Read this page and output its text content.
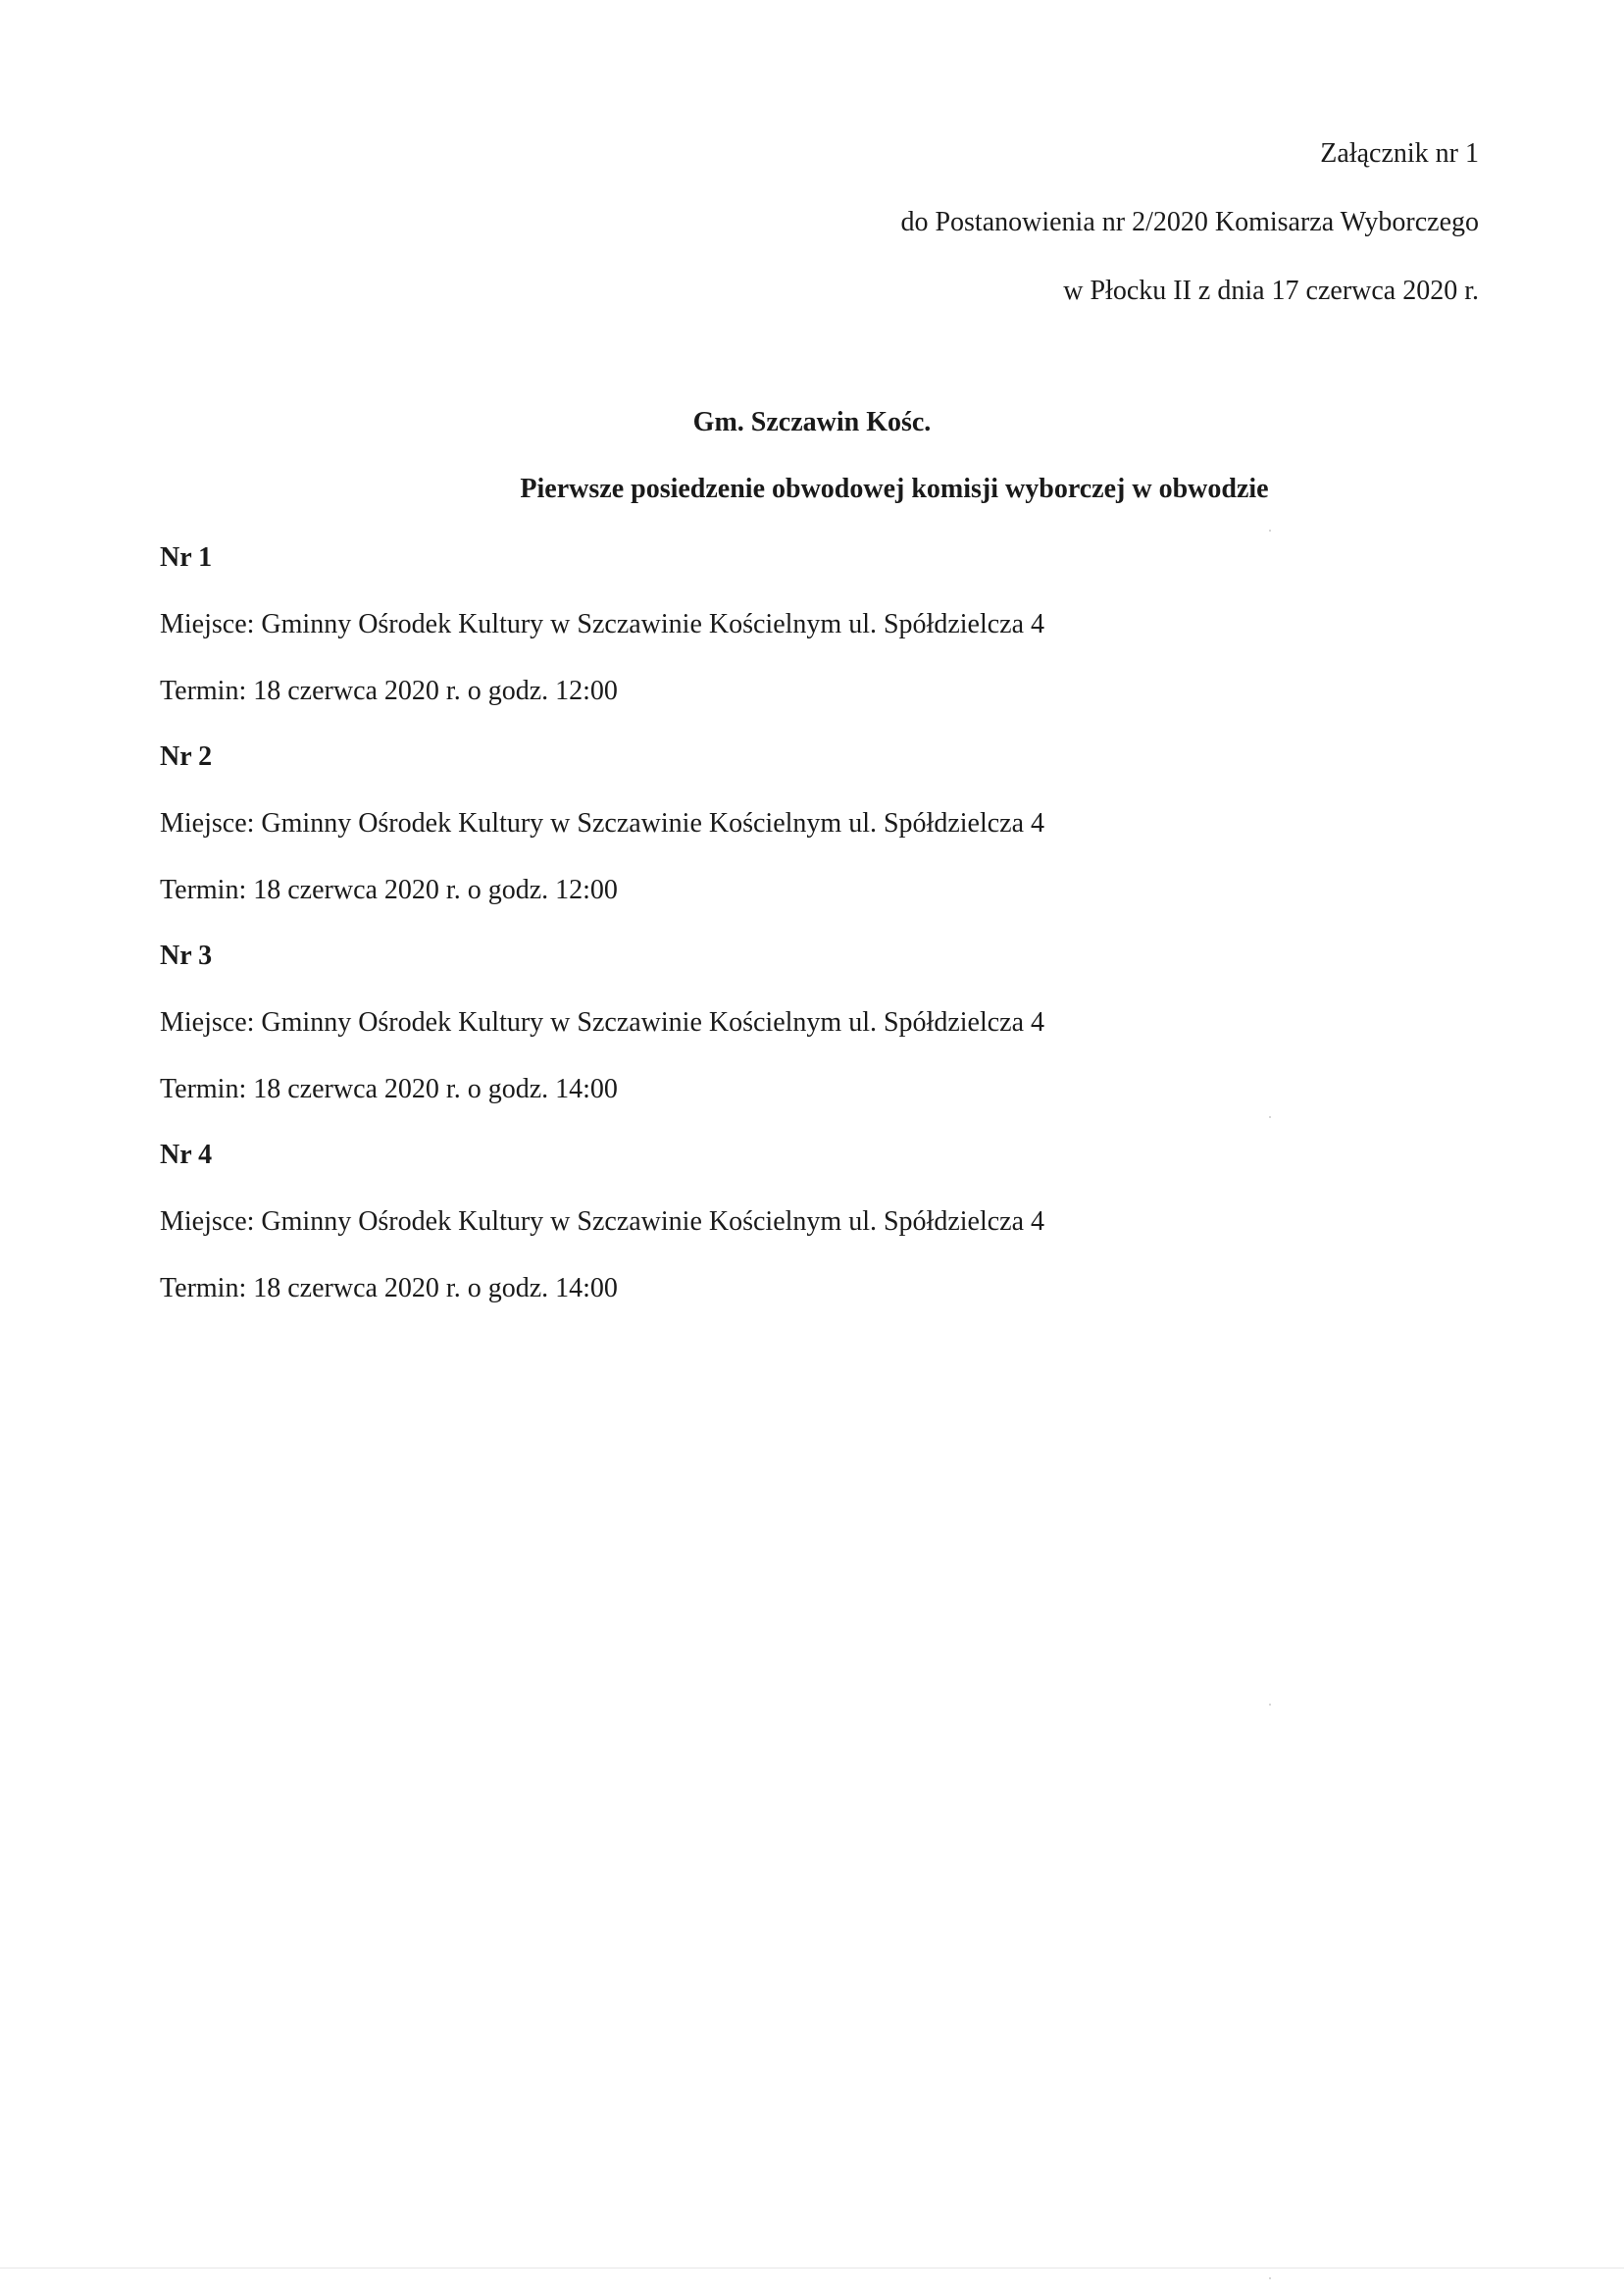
Załącznik nr 1
do Postanowienia nr 2/2020 Komisarza Wyborczego
w Płocku II z dnia 17 czerwca 2020 r.
Gm. Szczawin Kośc.
Pierwsze posiedzenie obwodowej komisji wyborczej w obwodzie
Nr 1
Miejsce: Gminny Ośrodek Kultury w Szczawinie Kościelnym ul. Spółdzielcza 4
Termin: 18 czerwca 2020 r. o godz. 12:00
Nr 2
Miejsce: Gminny Ośrodek Kultury w Szczawinie Kościelnym ul. Spółdzielcza 4
Termin: 18 czerwca 2020 r. o godz. 12:00
Nr 3
Miejsce: Gminny Ośrodek Kultury w Szczawinie Kościelnym ul. Spółdzielcza 4
Termin: 18 czerwca 2020 r. o godz. 14:00
Nr 4
Miejsce: Gminny Ośrodek Kultury w Szczawinie Kościelnym ul. Spółdzielcza 4
Termin: 18 czerwca 2020 r. o godz. 14:00
